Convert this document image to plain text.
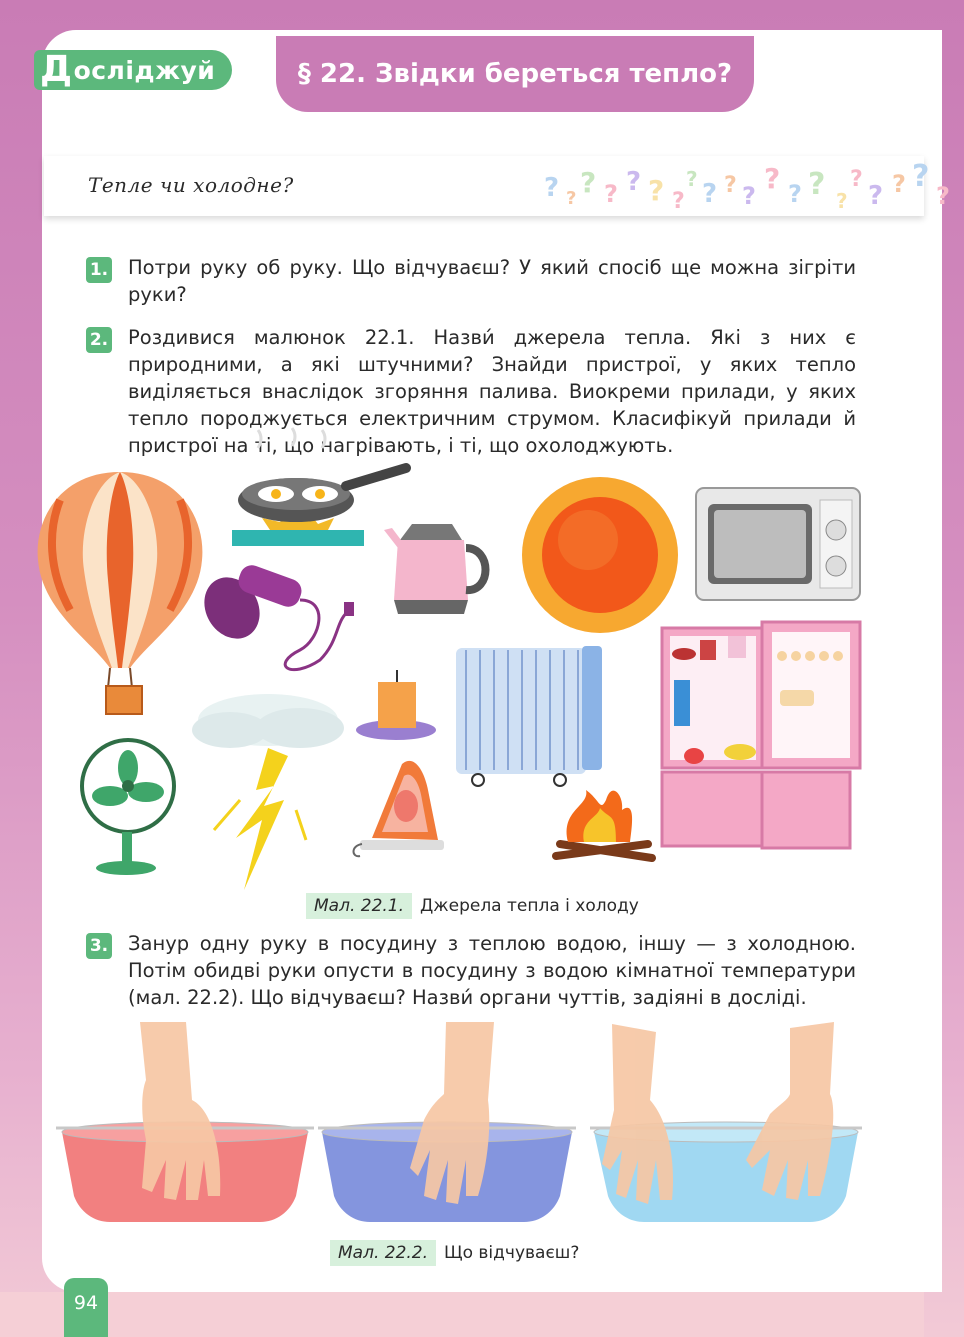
Д осліджуй	§ 22. Звідки береться тепло?
Тепле чи холодне?	? ? ? ? ? ? ?
? ? ? ?
? ? ? ?
?
? ? ?
?
1. Потри руку об руку. Що відчуваєш? У який спосіб ще можна зігріти руки?
2. Роздивися малюнок 22.1. Назви́ джерела тепла. Які з них є природними, а які штучними? Знайди пристрої, у яких тепло виділяється внаслідок згоряння палива. Виокреми прилади, у яких тепло породжується електричним струмом. Класифікуй прилади й пристрої на ті, що нагрівають, і ті, що охолоджують.
Мал. 22.1. Джерела тепла і холоду
3. Занур одну руку в посудину з теплою водою, іншу — з холодною. Потім обидві руки опусти в посудину з водою кімнатної температури (мал. 22.2). Що відчуваєш? Назви́ органи чуттів, задіяні в досліді.
Мал. 22.2. Що відчуваєш?
94
